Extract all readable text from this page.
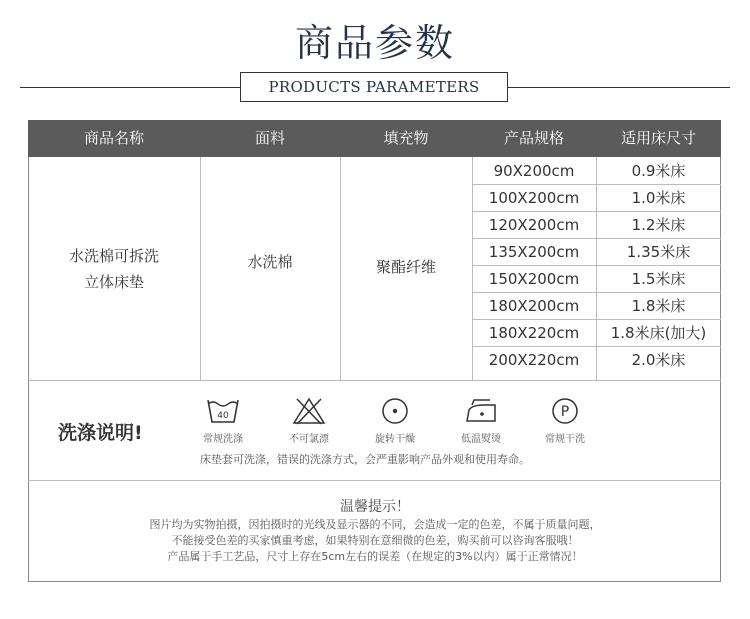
商品参数
PRODUCTS PARAMETERS
商品名称	面料	填充物	产品规格	适用床尺寸
水洗棉可拆洗
立体床垫
水洗棉	聚酯纤维
90X200cm	0.9米床
100X200cm	1.0米床
120X200cm	1.2米床
135X200cm	1.35米床
150X200cm	1.5米床
180X200cm	1.8米床
180X220cm	1.8米床(加大)
200X220cm	2.0米床
洗涤说明!
40	P
常规洗涤	不可氯漂	旋转干燥	低温熨烫	常规干洗
床垫套可洗涤，错误的洗涤方式，会严重影响产品外观和使用寿命。
温馨提示！
图片均为实物拍摄，因拍摄时的光线及显示器的不同，会造成一定的色差，不属于质量问题，
不能接受色差的买家慎重考虑，如果特别在意细微的色差，购买前可以咨询客服哦！
产品属于手工艺品，尺寸上存在5cm左右的误差（在规定的3%以内）属于正常情况！
